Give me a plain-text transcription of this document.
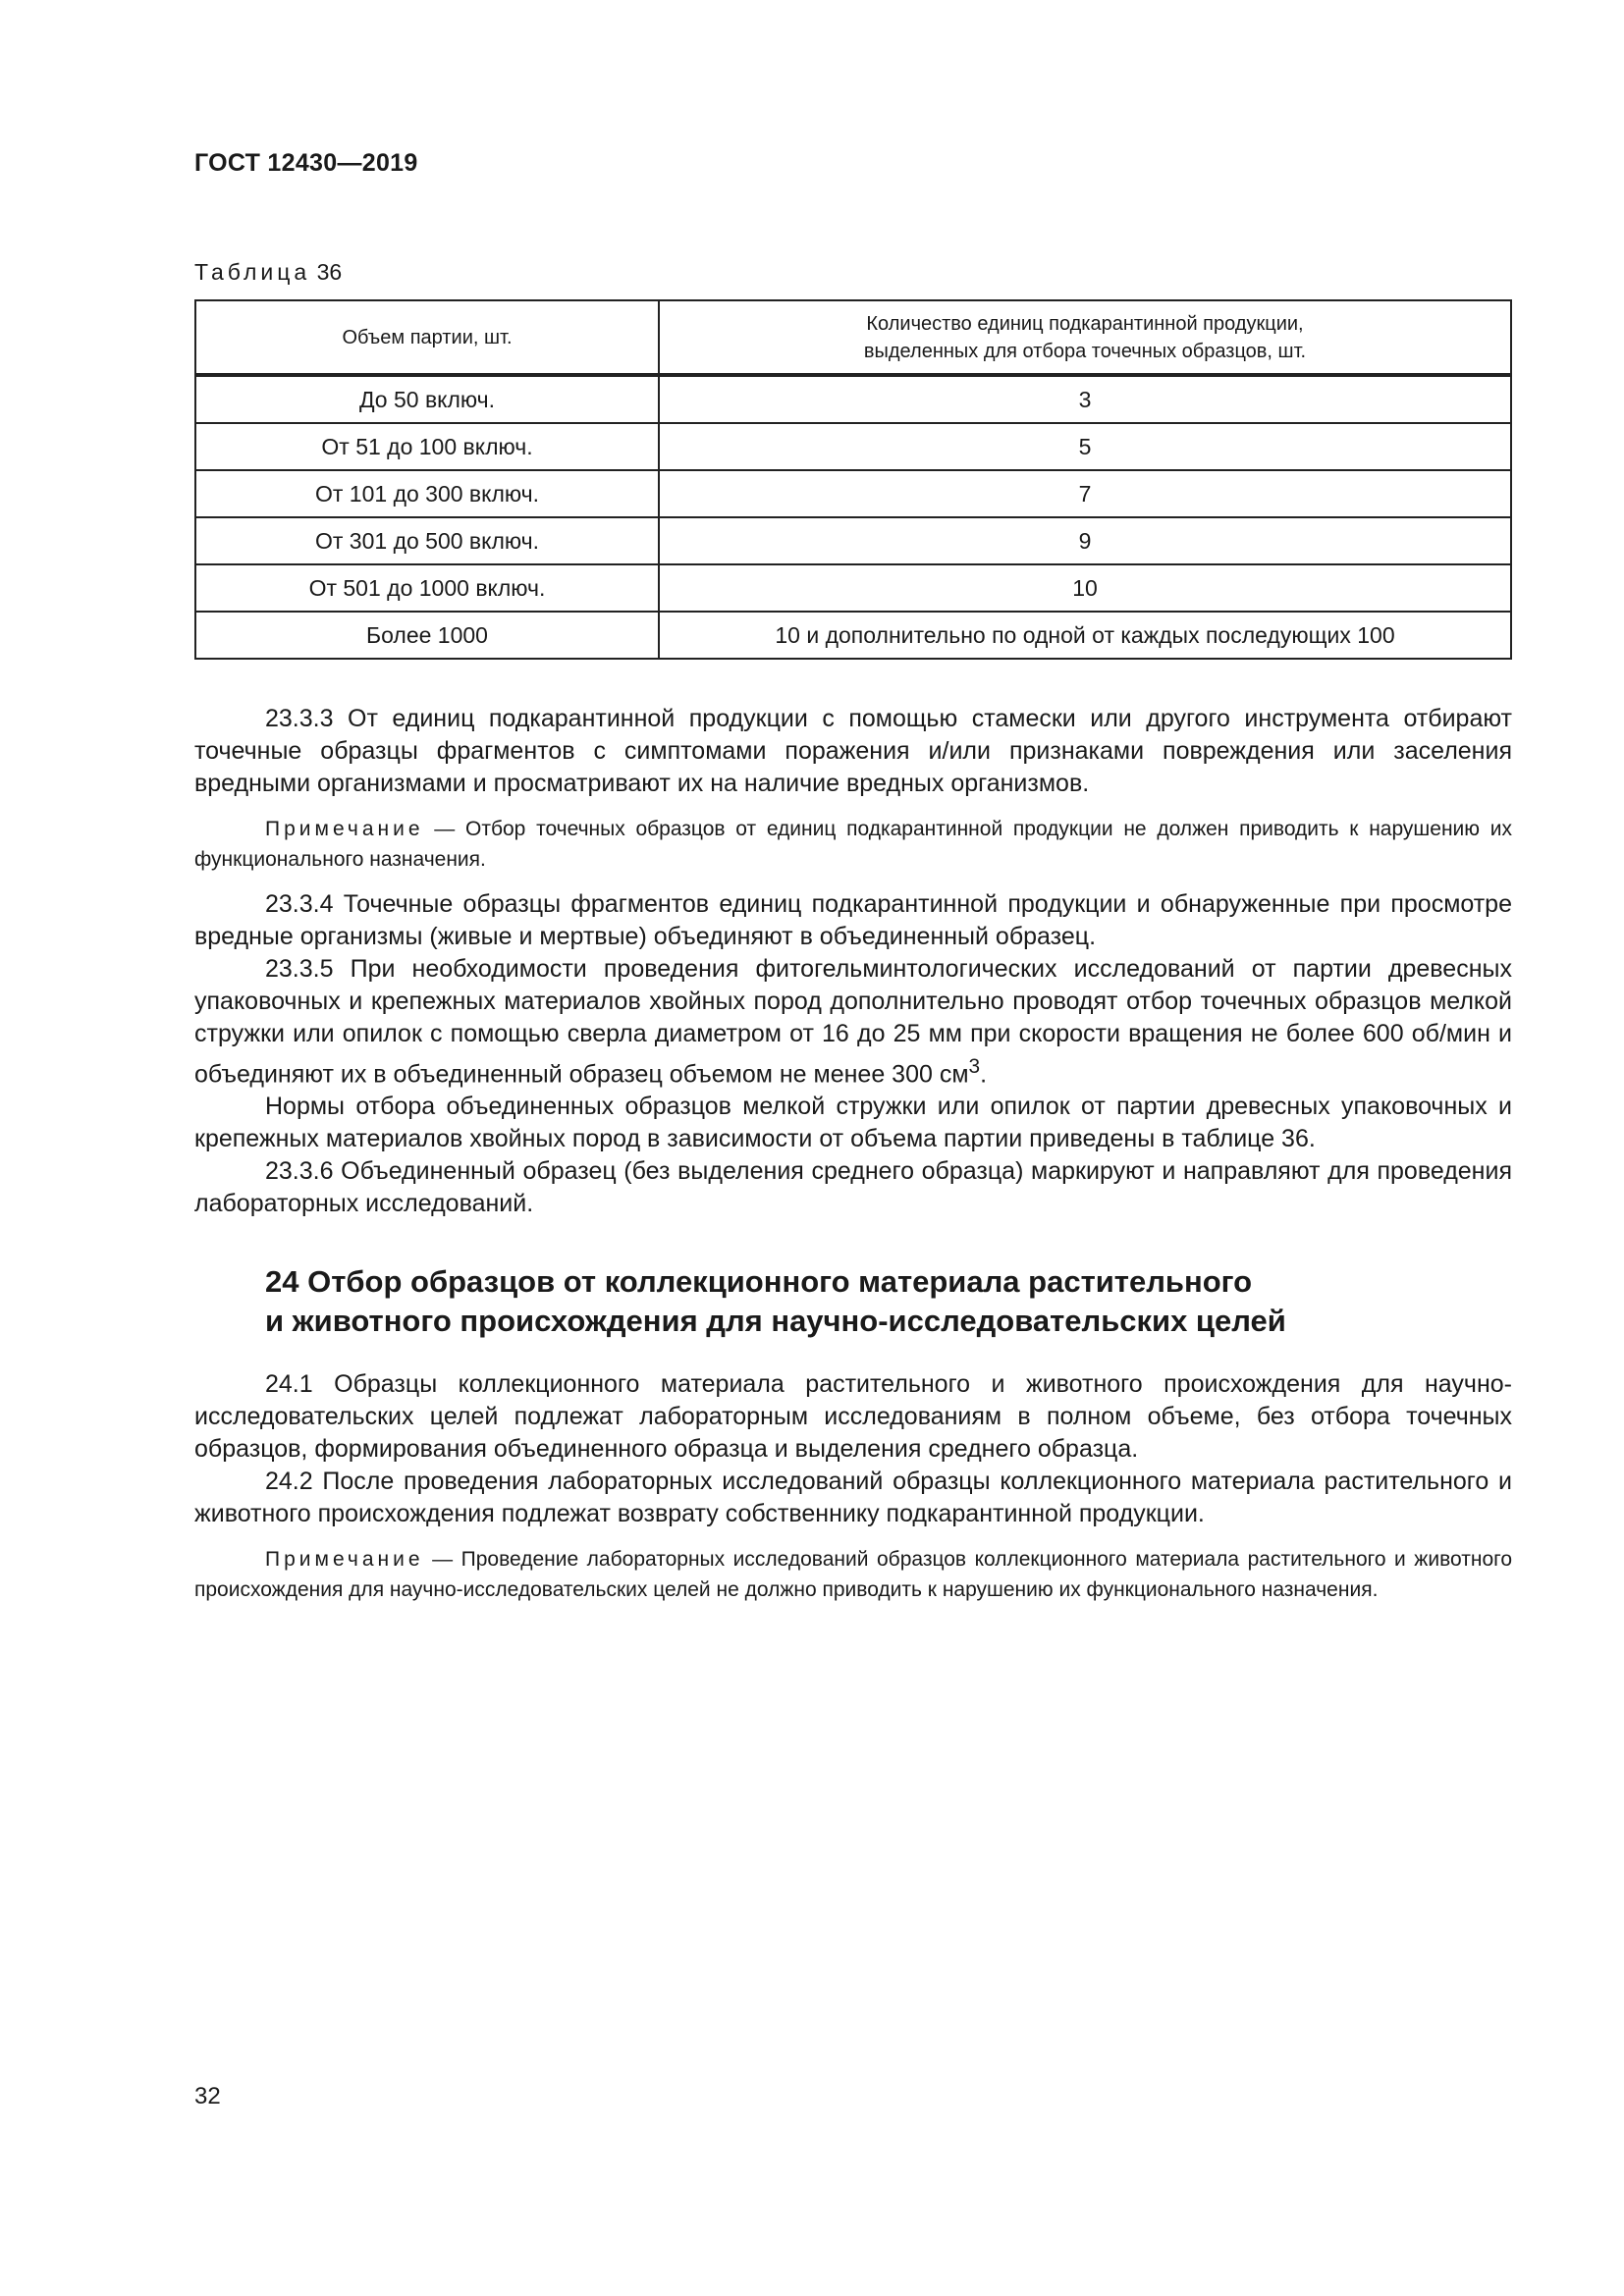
ГОСТ 12430—2019
Таблица 36
Объем партии, шт.	Количество единиц подкарантинной продукции,
выделенных для отбора точечных образцов, шт.

До 50 включ.	3
От 51 до 100 включ.	5
От 101 до 300 включ.	7
От 301 до 500 включ.	9
От 501 до 1000 включ.	10
Более 1000	10 и дополнительно по одной от каждых последующих 100

23.3.3 От единиц подкарантинной продукции с помощью стамески или другого инструмента отбирают точечные образцы фрагментов с симптомами поражения и/или признаками повреждения или заселения вредными организмами и просматривают их на наличие вредных организмов.

Примечание — Отбор точечных образцов от единиц подкарантинной продукции не должен приводить к нарушению их функционального назначения.

23.3.4 Точечные образцы фрагментов единиц подкарантинной продукции и обнаруженные при просмотре вредные организмы (живые и мертвые) объединяют в объединенный образец.

23.3.5 При необходимости проведения фитогельминтологических исследований от партии древесных упаковочных и крепежных материалов хвойных пород дополнительно проводят отбор точечных образцов мелкой стружки или опилок с помощью сверла диаметром от 16 до 25 мм при скорости вращения не более 600 об/мин и объединяют их в объединенный образец объемом не менее 300 $см^3$.

Нормы отбора объединенных образцов мелкой стружки или опилок от партии древесных упаковочных и крепежных материалов хвойных пород в зависимости от объема партии приведены в таблице 36.

23.3.6 Объединенный образец (без выделения среднего образца) маркируют и направляют для проведения лабораторных исследований.

24 Отбор образцов от коллекционного материала растительного
и животного происхождения для научно-исследовательских целей

24.1 Образцы коллекционного материала растительного и животного происхождения для научно-исследовательских целей подлежат лабораторным исследованиям в полном объеме, без отбора точечных образцов, формирования объединенного образца и выделения среднего образца.

24.2 После проведения лабораторных исследований образцы коллекционного материала растительного и животного происхождения подлежат возврату собственнику подкарантинной продукции.

Примечание — Проведение лабораторных исследований образцов коллекционного материала растительного и животного происхождения для научно-исследовательских целей не должно приводить к нарушению их функционального назначения.

32
